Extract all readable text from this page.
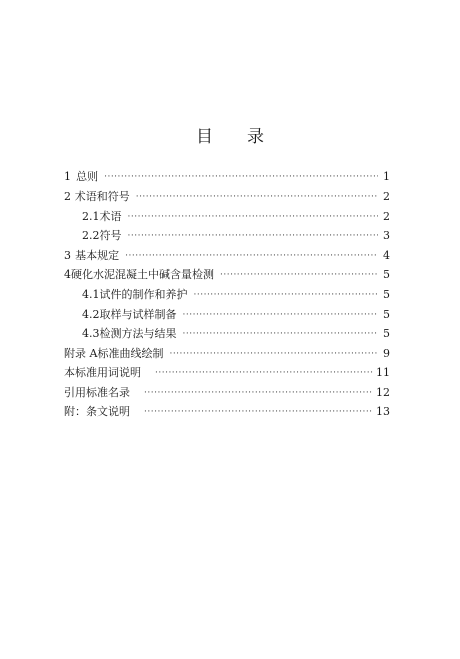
目 录
1 总则 ·····	1
2 术语和符号 ·····	2
2.1 术语 ·····	2
2.2 符号 ·····	3
3 基本规定 ·····	4
4 硬化水泥混凝土中碱含量检测 ·····	5
4.1 试件的制作和养护 ·····	5
4.2 取样与试样制备 ·····	5
4.3 检测方法与结果 ·····	5
附录 A 标准曲线绘制 ·····	9
本标准用词说明 ·····	11
引用标准名录 ·····	12
附：条文说明 ·····	13
